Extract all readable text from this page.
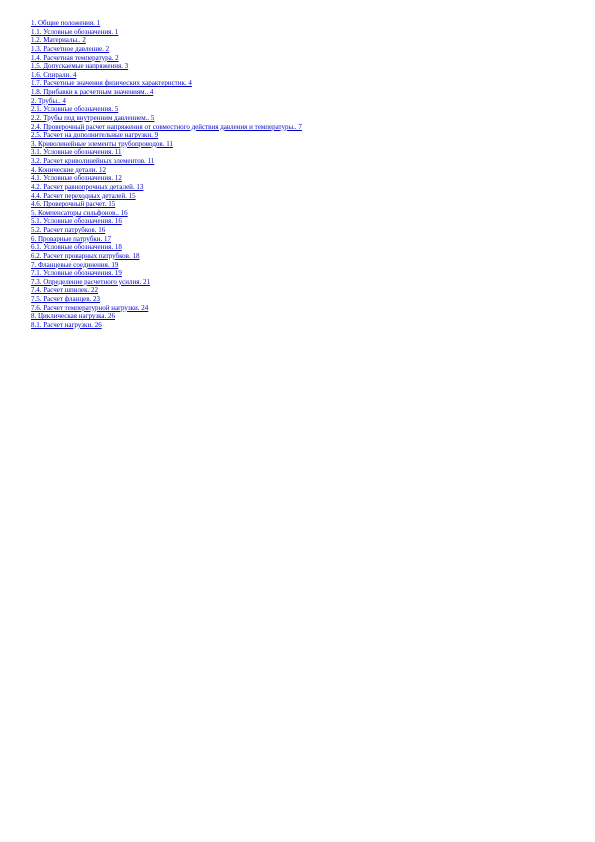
1. Общие положения. 1
1.1. Условные обозначения. 1
1.2. Материалы.. 2
1.3. Расчетное давление. 2
1.4. Расчетная температура. 2
1.5. Допускаемые напряжения. 3
1.6. Спирали. 4
1.7. Расчетные значения физических характеристик. 4
1.8. Прибавки к расчетным значениям.. 4
2. Трубы.. 4
2.1. Условные обозначения. 5
2.2. Трубы под внутренним давлением.. 5
2.4. Проверочный расчет напряжения от совместного действия давления и температуры.. 7
2.5. Расчет на дополнительные нагрузки. 9
3. Криволинейные элементы трубопроводов. 11
3.1. Условные обозначения. 11
3.2. Расчет криволинейных элементов. 11
4. Конические детали. 12
4.1. Условные обозначения. 12
4.2. Расчет равнопрочных деталей. 13
4.4. Расчет переходных деталей. 15
4.6. Проверочный расчет. 15
5. Компенсаторы сильфонов.. 16
5.1. Условные обозначения. 16
5.2. Расчет патрубков. 16
6. Проварные патрубки. 17
6.1. Условные обозначения. 18
6.2. Расчет проварных патрубков. 18
7. Фланцевые соединения. 19
7.1. Условные обозначения. 19
7.3. Определение расчетного усилия. 21
7.4. Расчет шпилек. 22
7.5. Расчет фланцев. 23
7.6. Расчет температурной нагрузки. 24
8. Циклическая нагрузка. 26
8.1. Расчет нагрузки. 26
